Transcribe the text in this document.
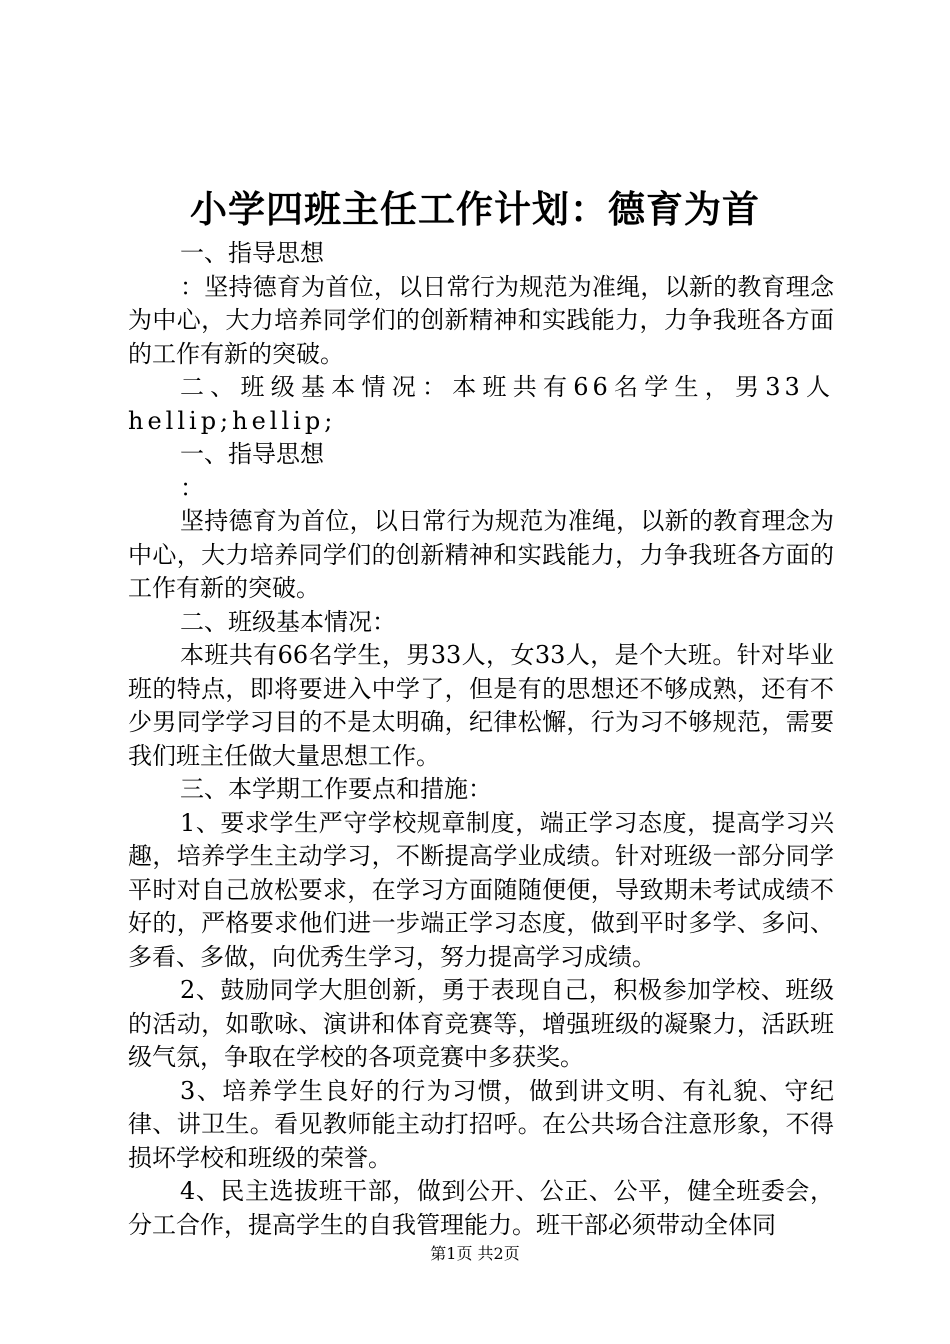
小学四班主任工作计划：德育为首

一、指导思想

：坚持德育为首位，以日常行为规范为准绳，以新的教育理念为中心，大力培养同学们的创新精神和实践能力，力争我班各方面的工作有新的突破。

二、班级基本情况：本班共有66名学生，男33人hellip;hellip;

一、指导思想

：

坚持德育为首位，以日常行为规范为准绳，以新的教育理念为中心，大力培养同学们的创新精神和实践能力，力争我班各方面的工作有新的突破。

二、班级基本情况：

本班共有66名学生，男33人，女33人，是个大班。针对毕业班的特点，即将要进入中学了，但是有的思想还不够成熟，还有不少男同学学习目的不是太明确，纪律松懈，行为习不够规范，需要我们班主任做大量思想工作。

三、本学期工作要点和措施：

1、要求学生严守学校规章制度，端正学习态度，提高学习兴趣，培养学生主动学习，不断提高学业成绩。针对班级一部分同学平时对自己放松要求，在学习方面随随便便，导致期未考试成绩不好的，严格要求他们进一步端正学习态度，做到平时多学、多问、多看、多做，向优秀生学习，努力提高学习成绩。

2、鼓励同学大胆创新，勇于表现自己，积极参加学校、班级的活动，如歌咏、演讲和体育竞赛等，增强班级的凝聚力，活跃班级气氛，争取在学校的各项竞赛中多获奖。

3、培养学生良好的行为习惯，做到讲文明、有礼貌、守纪律、讲卫生。看见教师能主动打招呼。在公共场合注意形象，不得损坏学校和班级的荣誉。

4、民主选拔班干部，做到公开、公正、公平，健全班委会，分工合作，提高学生的自我管理能力。班干部必须带动全体同

第1页 共2页
